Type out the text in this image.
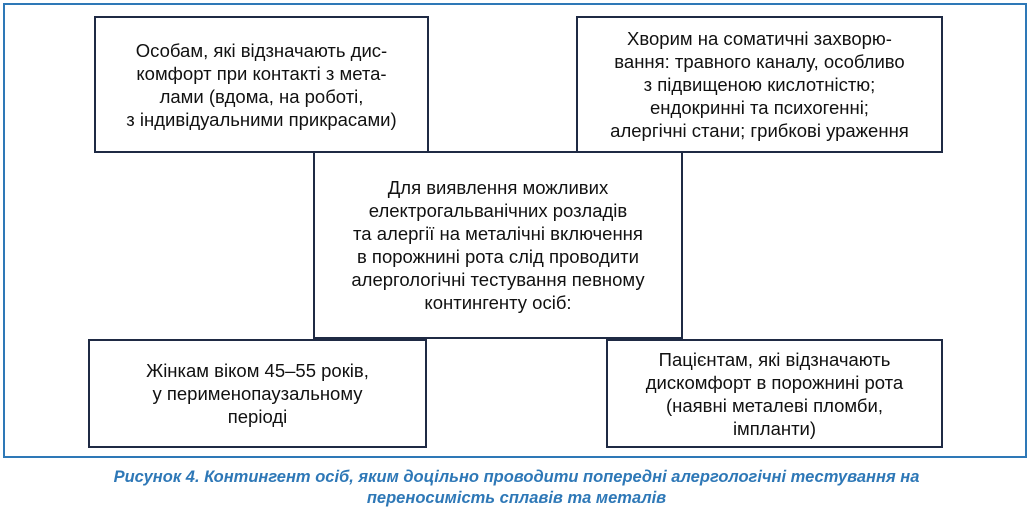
Особам, які відзначають дис-
комфорт при контакті з мета-
лами (вдома, на роботі,
з індивідуальними прикрасами)
Хворим на соматичні захворю-
вання: травного каналу, особливо
з підвищеною кислотністю;
ендокринні та психогенні;
алергічні стани; грибкові ураження
Жінкам віком 45–55 років,
у перименопаузальному
періоді
Пацієнтам, які відзначають
дискомфорт в порожнині рота
(наявні металеві пломби,
імпланти)
Для виявлення можливих
електрогальванічних розладів
та алергії на металічні включення
в порожнині рота слід проводити
алергологічні тестування певному
контингенту осіб:
Рисунок 4. Контингент осіб, яким доцільно проводити попередні алергологічні тестування на
переносимість сплавів та металів
